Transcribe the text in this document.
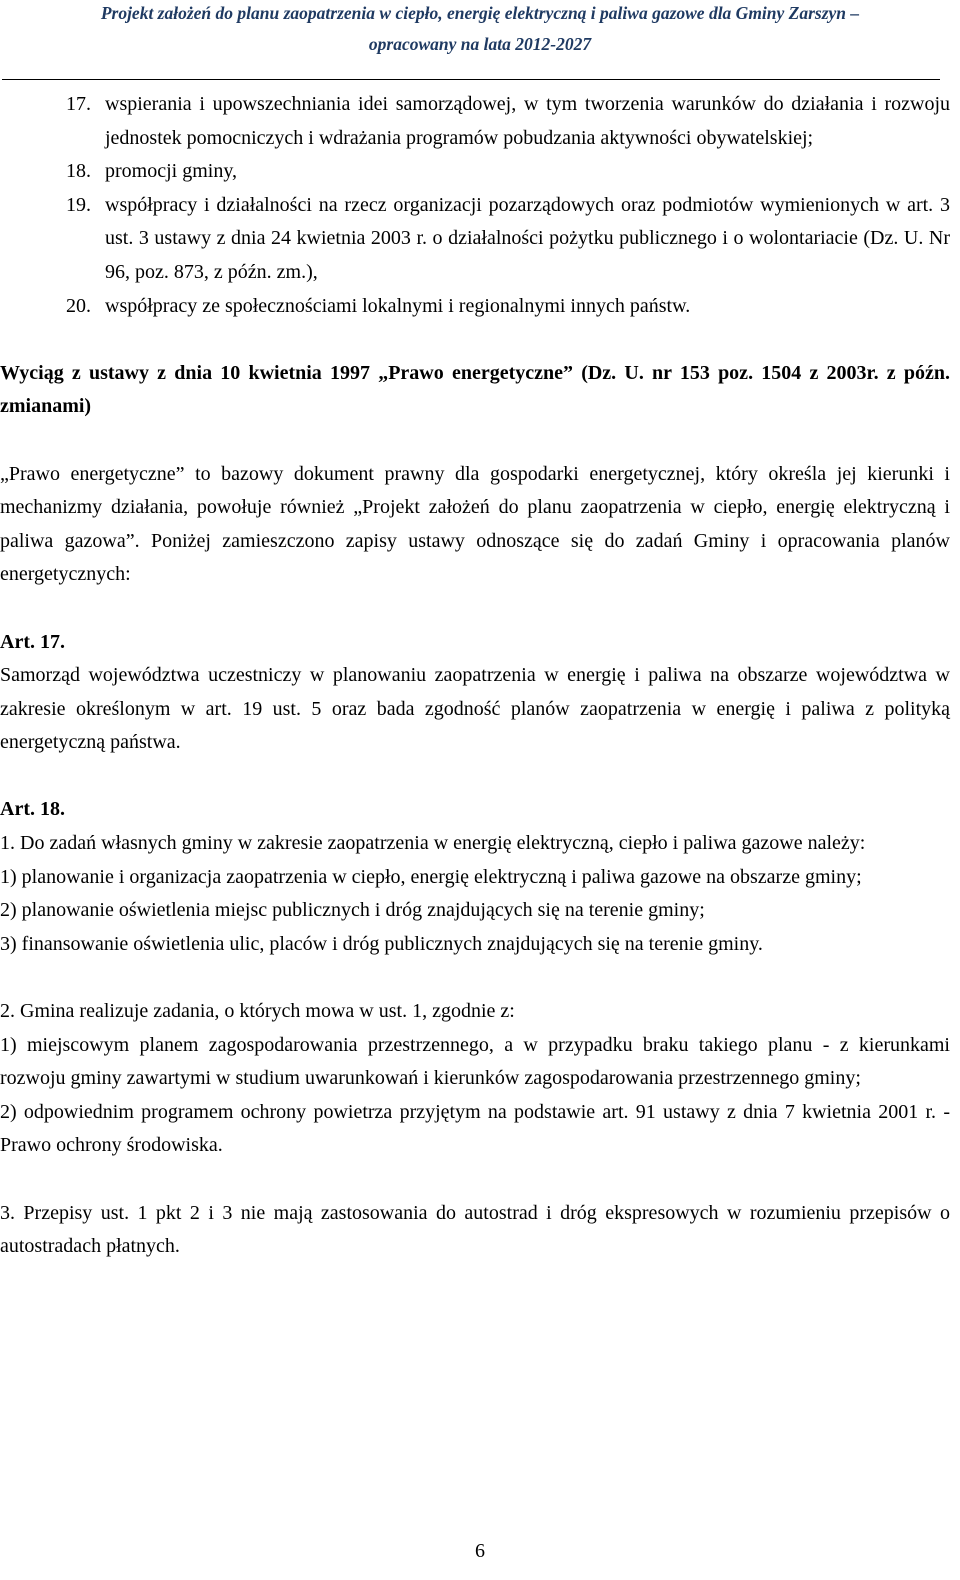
Projekt założeń do planu zaopatrzenia w ciepło, energię elektryczną i paliwa gazowe dla Gminy Zarszyn –
opracowany na lata 2012-2027
17. wspierania i upowszechniania idei samorządowej, w tym tworzenia warunków do działania i rozwoju jednostek pomocniczych i wdrażania programów pobudzania aktywności obywatelskiej;
18. promocji gminy,
19. współpracy i działalności na rzecz organizacji pozarządowych oraz podmiotów wymienionych w art. 3 ust. 3 ustawy z dnia 24 kwietnia 2003 r. o działalności pożytku publicznego i o wolontariacie (Dz. U. Nr 96, poz. 873, z późn. zm.),
20. współpracy ze społecznościami lokalnymi i regionalnymi innych państw.

Wyciąg z ustawy z dnia 10 kwietnia 1997 „Prawo energetyczne” (Dz. U. nr 153 poz. 1504 z 2003r. z późn. zmianami)

„Prawo energetyczne” to bazowy dokument prawny dla gospodarki energetycznej, który określa jej kierunki i mechanizmy działania, powołuje również „Projekt założeń do planu zaopatrzenia w ciepło, energię elektryczną i paliwa gazowa”. Poniżej zamieszczono zapisy ustawy odnoszące się do zadań Gminy i opracowania planów energetycznych:

Art. 17.

Samorząd województwa uczestniczy w planowaniu zaopatrzenia w energię i paliwa na obszarze województwa w zakresie określonym w art. 19 ust. 5 oraz bada zgodność planów zaopatrzenia w energię i paliwa z polityką energetyczną państwa.

Art. 18.

1. Do zadań własnych gminy w zakresie zaopatrzenia w energię elektryczną, ciepło i paliwa gazowe należy:

1) planowanie i organizacja zaopatrzenia w ciepło, energię elektryczną i paliwa gazowe na obszarze gminy;

2) planowanie oświetlenia miejsc publicznych i dróg znajdujących się na terenie gminy;

3) finansowanie oświetlenia ulic, placów i dróg publicznych znajdujących się na terenie gminy.

2. Gmina realizuje zadania, o których mowa w ust. 1, zgodnie z:

1) miejscowym planem zagospodarowania przestrzennego, a w przypadku braku takiego planu - z kierunkami rozwoju gminy zawartymi w studium uwarunkowań i kierunków zagospodarowania przestrzennego gminy;

2) odpowiednim programem ochrony powietrza przyjętym na podstawie art. 91 ustawy z dnia 7 kwietnia 2001 r. - Prawo ochrony środowiska.

3. Przepisy ust. 1 pkt 2 i 3 nie mają zastosowania do autostrad i dróg ekspresowych w rozumieniu przepisów o autostradach płatnych.

6
